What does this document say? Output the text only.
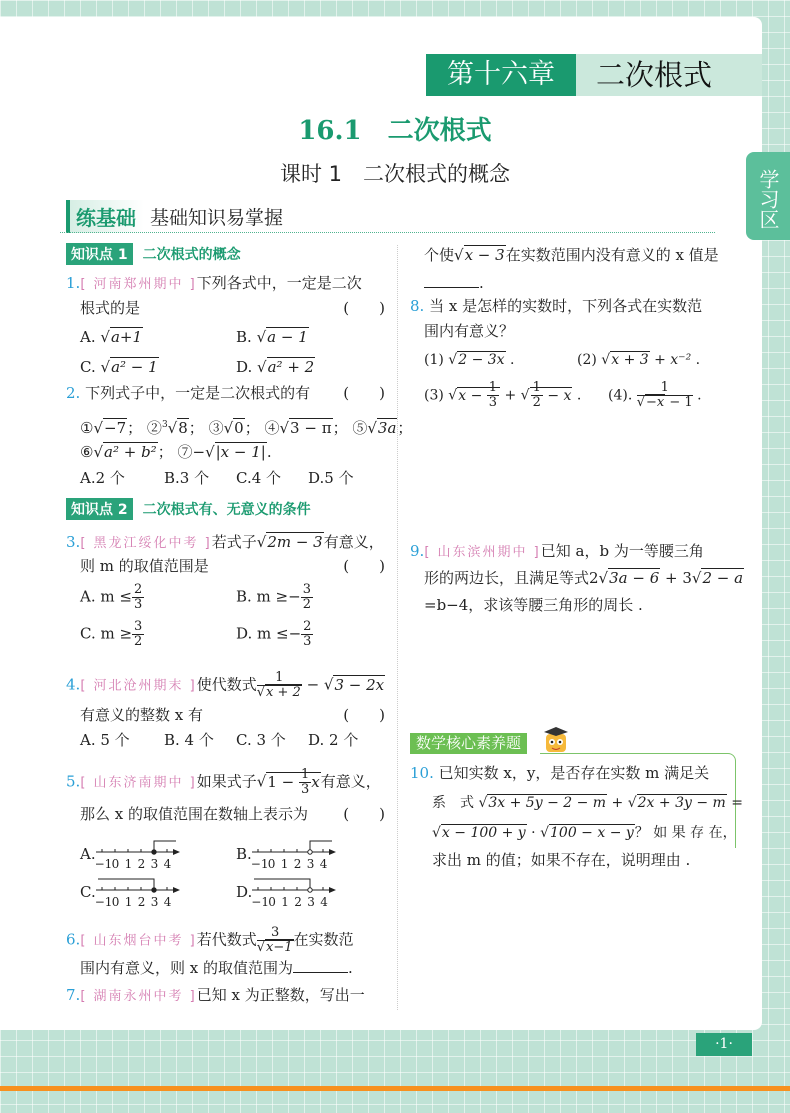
第十六章	二次根式
16.1　二次根式
课时 1　二次根式的概念	学习区
练基础 基础知识易掌握
知识点 1	二次根式的概念
1.[ 河南郑州期中 ]下列各式中，一定是二次
根式的是	(　　)
A. √a+1	B. √a − 1
C. √a² − 1	D. √a² + 2
2. 下列式子中，一定是二次根式的有 (　　)
①√−7； ②$^3$√8； ③√0； ④√3 − π； ⑤√3a；
⑥√a² + b²； ⑦−√|x − 1|.
A.2 个	B.3 个 C.4 个 D.5 个
知识点 2	二次根式有、无意义的条件
3.[ 黑龙江绥化中考 ]若式子√2m − 3有意义，
则 m 的取值范围是	(　　)
A. $m \le \frac{2}{3}$	B. $m \ge- \frac{3}{2}$
C. $m \ge \frac{3}{2}$	D. $m \le- \frac{2}{3}$
4.[ 河北沧州期末 ]使代数式 $\frac{1}{√x + 2} - √3 - 2x$
有意义的整数 x 有	(　　)
A. 5 个 B. 4 个 C. 3 个 D. 2 个
5.[ 山东济南期中 ]如果式子$√1 - \frac{1}{3}$ x有意义，
那么 x 的取值范围在数轴上表示为 (　　)
A.
−1 0 1 2 3 4
B.
−1 0 1 2 3 4
C.
−1 0 1 2 3 4
D.
−1 0 1 2 3 4
6.[ 山东烟台中考 ]若代数式 $\frac{3}{√x-1}$ 在实数范
围内有意义，则 x 的取值范围为	.
7.[ 湖南永州中考 ]已知 x 为正整数，写出一
个使√x − 3在实数范围内没有意义的 x 值是
.
8. 当 x 是怎样的实数时，下列各式在实数范
围内有意义？
(1) √2 − 3x .	(2) √x + 3 + x⁻² .
(3) $√x - \frac{1}{3}$ + √ $\frac{1}{2} - x$ . (4). $\frac{1}{√-x - 1}$ .
9.[ 山东滨州期中 ]已知 a，b 为一等腰三角
形的两边长，且满足等式2√3a − 6 + 3√2 − a
=b−4，求该等腰三角形的周长 .
数学核心素养题
10. 已知实数 x，y，是否存在实数 m 满足关
系　式 √3x + 5y − 2 − m + √2x + 3y − m =
√x − 100 + y · √100 − x − y？ 如 果 存 在，
求出 m 的值；如果不存在，说明理由 .
·1·
